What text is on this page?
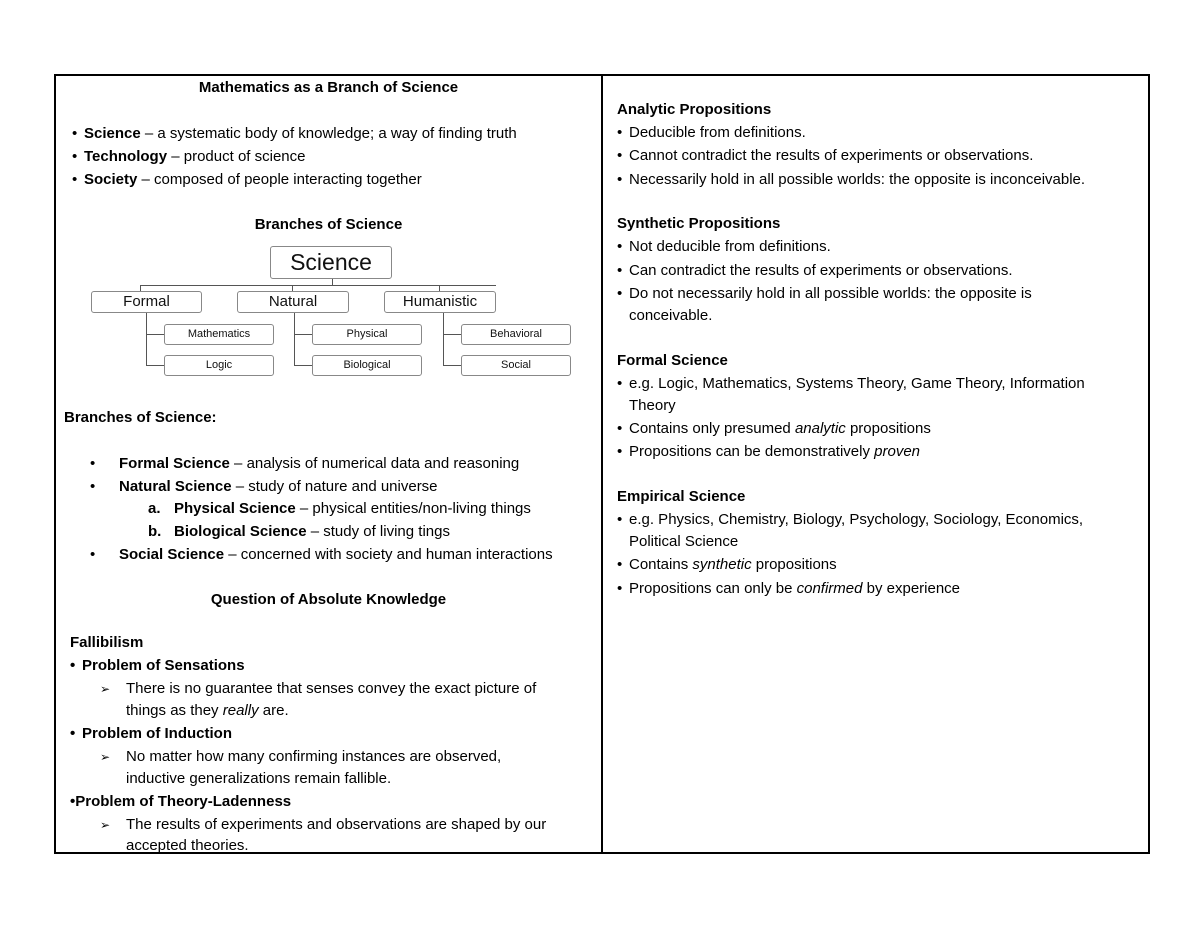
Mathematics as a Branch of Science
• Science – a systematic body of knowledge; a way of finding truth
• Technology – product of science
• Society – composed of people interacting together
Branches of Science
Science
Formal	Natural	Humanistic
Mathematics
Logic
Physical
Biological
Behavioral
Social
Branches of Science:
• Formal Science – analysis of numerical data and reasoning
• Natural Science – study of nature and universe
a. Physical Science – physical entities/non-living things
b. Biological Science – study of living tings
• Social Science – concerned with society and human interactions
Question of Absolute Knowledge
Fallibilism
• Problem of Sensations
➢ There is no guarantee that senses convey the exact picture of
things as they really are.
• Problem of Induction
➢ No matter how many confirming instances are observed,
inductive generalizations remain fallible.
•Problem of Theory-Ladenness
➢ The results of experiments and observations are shaped by our
accepted theories.
Analytic Propositions
• Deducible from definitions.
• Cannot contradict the results of experiments or observations.
• Necessarily hold in all possible worlds: the opposite is inconceivable.
Synthetic Propositions
• Not deducible from definitions.
• Can contradict the results of experiments or observations.
• Do not necessarily hold in all possible worlds: the opposite is
conceivable.
Formal Science
• e.g. Logic, Mathematics, Systems Theory, Game Theory, Information
Theory
• Contains only presumed analytic propositions
• Propositions can be demonstratively proven
Empirical Science
• e.g. Physics, Chemistry, Biology, Psychology, Sociology, Economics,
Political Science
• Contains synthetic propositions
• Propositions can only be confirmed by experience
